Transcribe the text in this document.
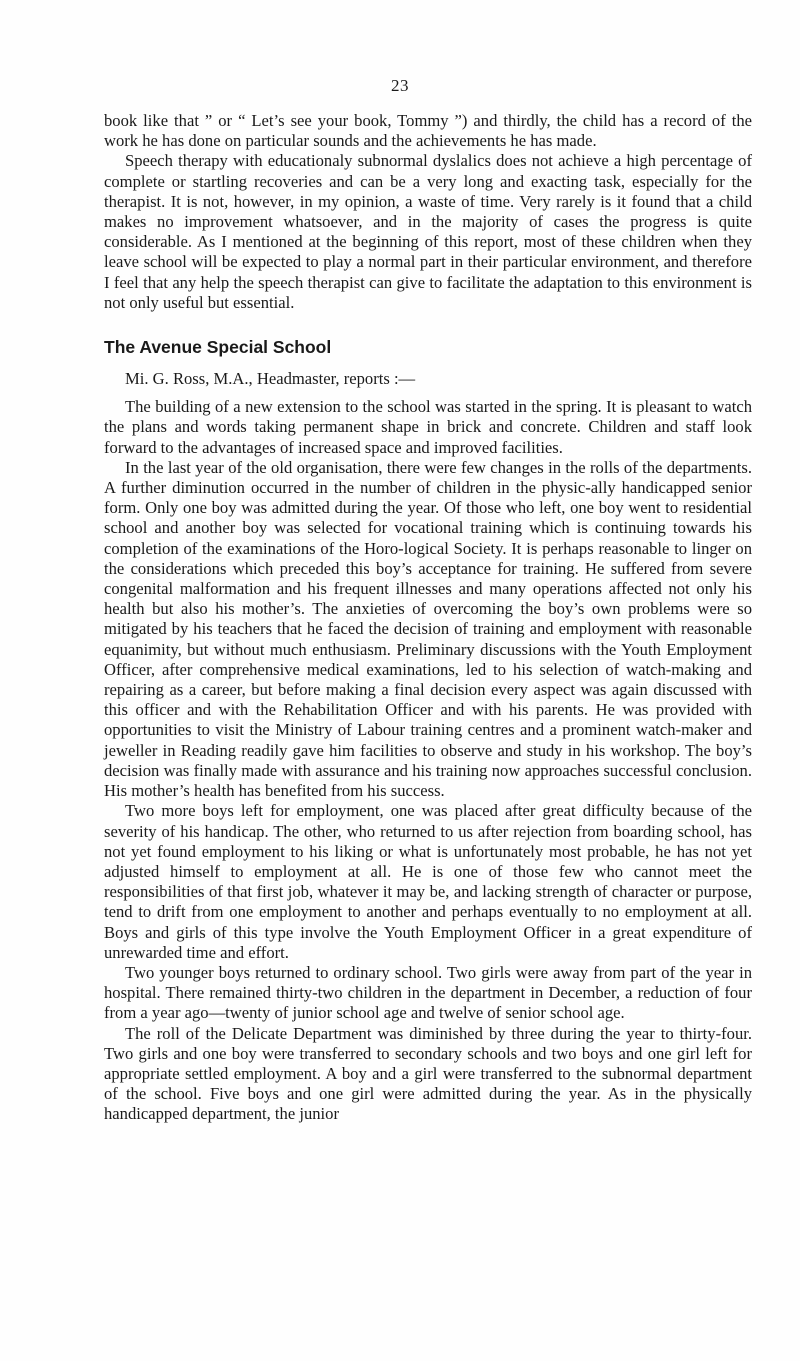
23

book like that ” or “ Let’s see your book, Tommy ”) and thirdly, the child has a record of the work he has done on particular sounds and the achievements he has made.

Speech therapy with educationaly subnormal dyslalics does not achieve a high percentage of complete or startling recoveries and can be a very long and exacting task, especially for the therapist. It is not, however, in my opinion, a waste of time. Very rarely is it found that a child makes no improvement whatsoever, and in the majority of cases the progress is quite considerable. As I mentioned at the beginning of this report, most of these children when they leave school will be expected to play a normal part in their particular environment, and therefore I feel that any help the speech therapist can give to facilitate the adaptation to this environment is not only useful but essential.

The Avenue Special School

Mi. G. Ross, M.A., Headmaster, reports :—

The building of a new extension to the school was started in the spring. It is pleasant to watch the plans and words taking permanent shape in brick and concrete. Children and staff look forward to the advantages of increased space and improved facilities.

In the last year of the old organisation, there were few changes in the rolls of the departments. A further diminution occurred in the number of children in the physic-ally handicapped senior form. Only one boy was admitted during the year. Of those who left, one boy went to residential school and another boy was selected for vocational training which is continuing towards his completion of the examinations of the Horo-logical Society. It is perhaps reasonable to linger on the considerations which preceded this boy’s acceptance for training. He suffered from severe congenital malformation and his frequent illnesses and many operations affected not only his health but also his mother’s. The anxieties of overcoming the boy’s own problems were so mitigated by his teachers that he faced the decision of training and employment with reasonable equanimity, but without much enthusiasm. Preliminary discussions with the Youth Employment Officer, after comprehensive medical examinations, led to his selection of watch-making and repairing as a career, but before making a final decision every aspect was again discussed with this officer and with the Rehabilitation Officer and with his parents. He was provided with opportunities to visit the Ministry of Labour training centres and a prominent watch-maker and jeweller in Reading readily gave him facilities to observe and study in his workshop. The boy’s decision was finally made with assurance and his training now approaches successful conclusion. His mother’s health has benefited from his success.

Two more boys left for employment, one was placed after great difficulty because of the severity of his handicap. The other, who returned to us after rejection from boarding school, has not yet found employment to his liking or what is unfortunately most probable, he has not yet adjusted himself to employment at all. He is one of those few who cannot meet the responsibilities of that first job, whatever it may be, and lacking strength of character or purpose, tend to drift from one employment to another and perhaps eventually to no employment at all. Boys and girls of this type involve the Youth Employment Officer in a great expenditure of unrewarded time and effort.

Two younger boys returned to ordinary school. Two girls were away from part of the year in hospital. There remained thirty-two children in the department in December, a reduction of four from a year ago—twenty of junior school age and twelve of senior school age.

The roll of the Delicate Department was diminished by three during the year to thirty-four. Two girls and one boy were transferred to secondary schools and two boys and one girl left for appropriate settled employment. A boy and a girl were transferred to the subnormal department of the school. Five boys and one girl were admitted during the year. As in the physically handicapped department, the junior
